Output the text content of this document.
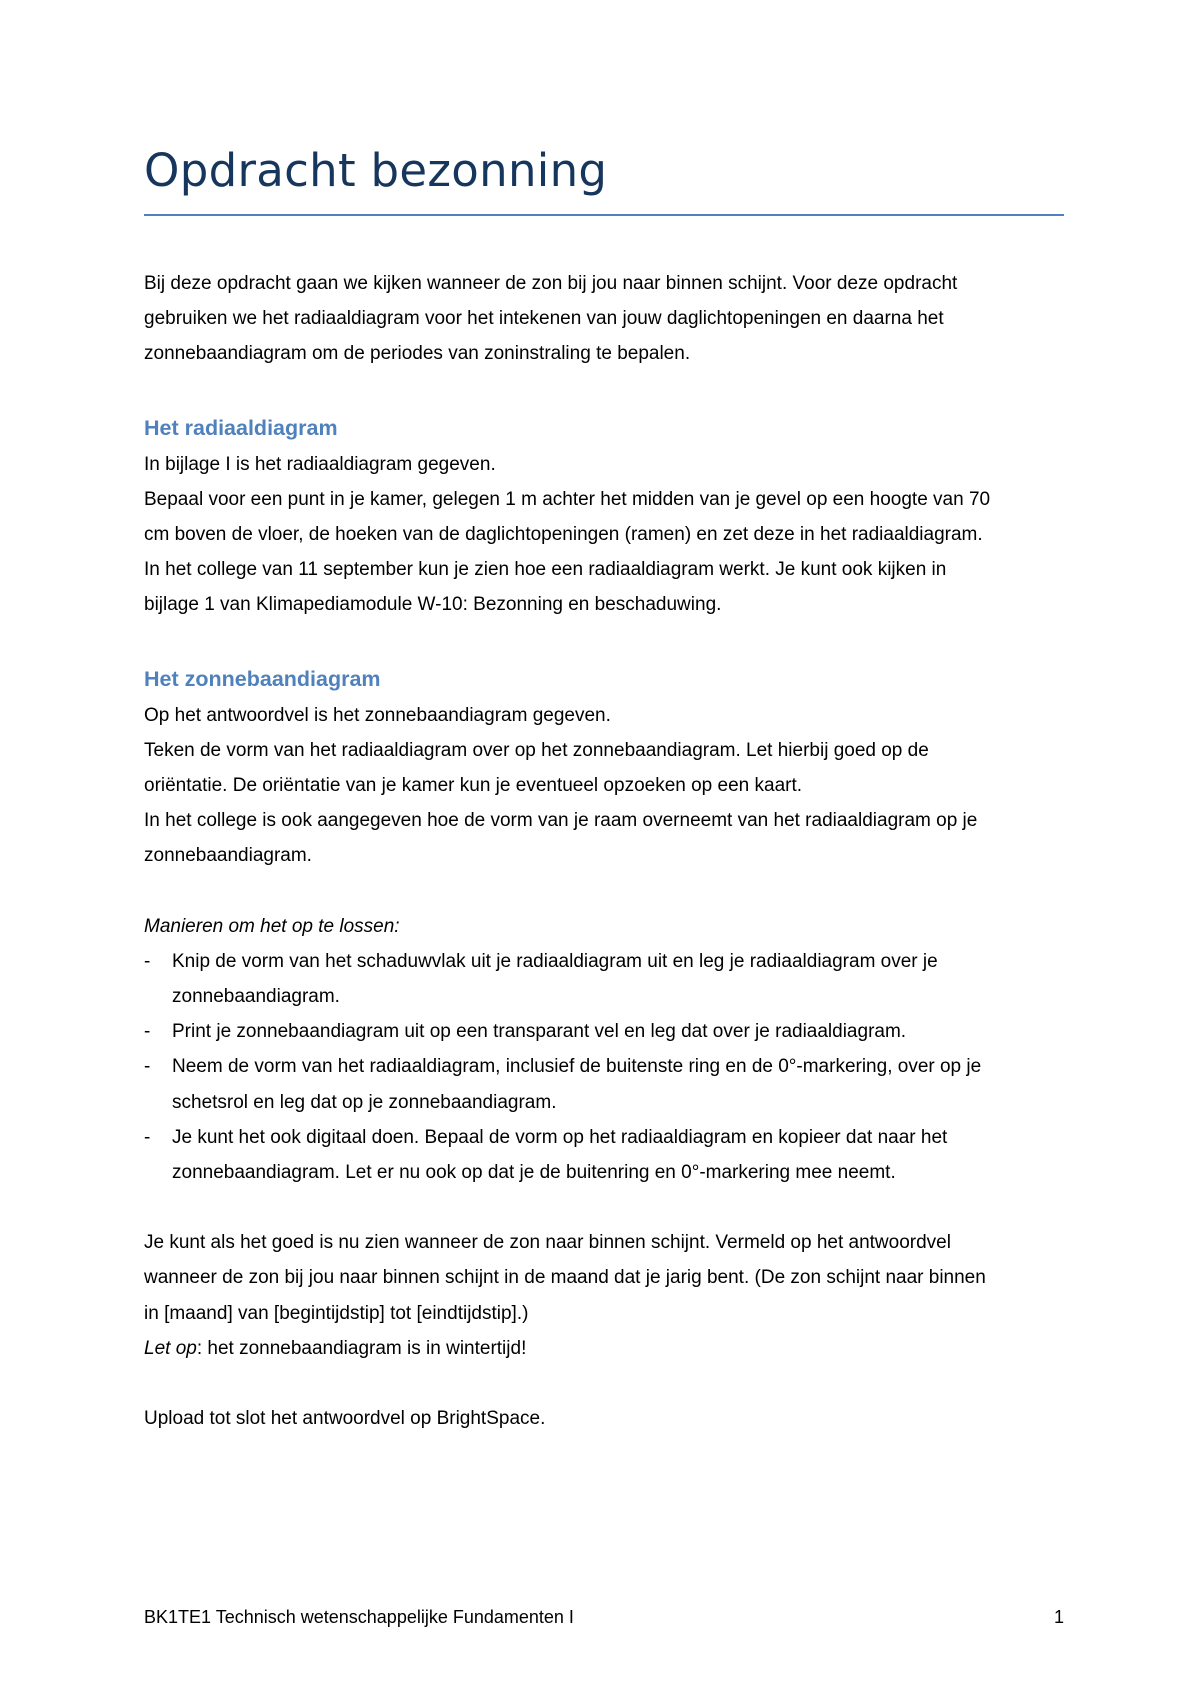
Opdracht bezonning

Bij deze opdracht gaan we kijken wanneer de zon bij jou naar binnen schijnt. Voor deze opdracht

gebruiken we het radiaaldiagram voor het intekenen van jouw daglichtopeningen en daarna het

zonnebaandiagram om de periodes van zoninstraling te bepalen.

Het radiaaldiagram

In bijlage I is het radiaaldiagram gegeven.

Bepaal voor een punt in je kamer, gelegen 1 m achter het midden van je gevel op een hoogte van 70

cm boven de vloer, de hoeken van de daglichtopeningen (ramen) en zet deze in het radiaaldiagram.

In het college van 11 september kun je zien hoe een radiaaldiagram werkt. Je kunt ook kijken in

bijlage 1 van Klimapediamodule W-10: Bezonning en beschaduwing.

Het zonnebaandiagram

Op het antwoordvel is het zonnebaandiagram gegeven.

Teken de vorm van het radiaaldiagram over op het zonnebaandiagram. Let hierbij goed op de

oriëntatie. De oriëntatie van je kamer kun je eventueel opzoeken op een kaart.

In het college is ook aangegeven hoe de vorm van je raam overneemt van het radiaaldiagram op je

zonnebaandiagram.

Manieren om het op te lossen:

- Knip de vorm van het schaduwvlak uit je radiaaldiagram uit en leg je radiaaldiagram over je

zonnebaandiagram.

- Print je zonnebaandiagram uit op een transparant vel en leg dat over je radiaaldiagram.

- Neem de vorm van het radiaaldiagram, inclusief de buitenste ring en de 0°-markering, over op je

schetsrol en leg dat op je zonnebaandiagram.

- Je kunt het ook digitaal doen. Bepaal de vorm op het radiaaldiagram en kopieer dat naar het

zonnebaandiagram. Let er nu ook op dat je de buitenring en 0°-markering mee neemt.

Je kunt als het goed is nu zien wanneer de zon naar binnen schijnt. Vermeld op het antwoordvel

wanneer de zon bij jou naar binnen schijnt in de maand dat je jarig bent. (De zon schijnt naar binnen

in [maand] van [begintijdstip] tot [eindtijdstip].)

Let op: het zonnebaandiagram is in wintertijd!

Upload tot slot het antwoordvel op BrightSpace.

BK1TE1 Technisch wetenschappelijke Fundamenten I	1
